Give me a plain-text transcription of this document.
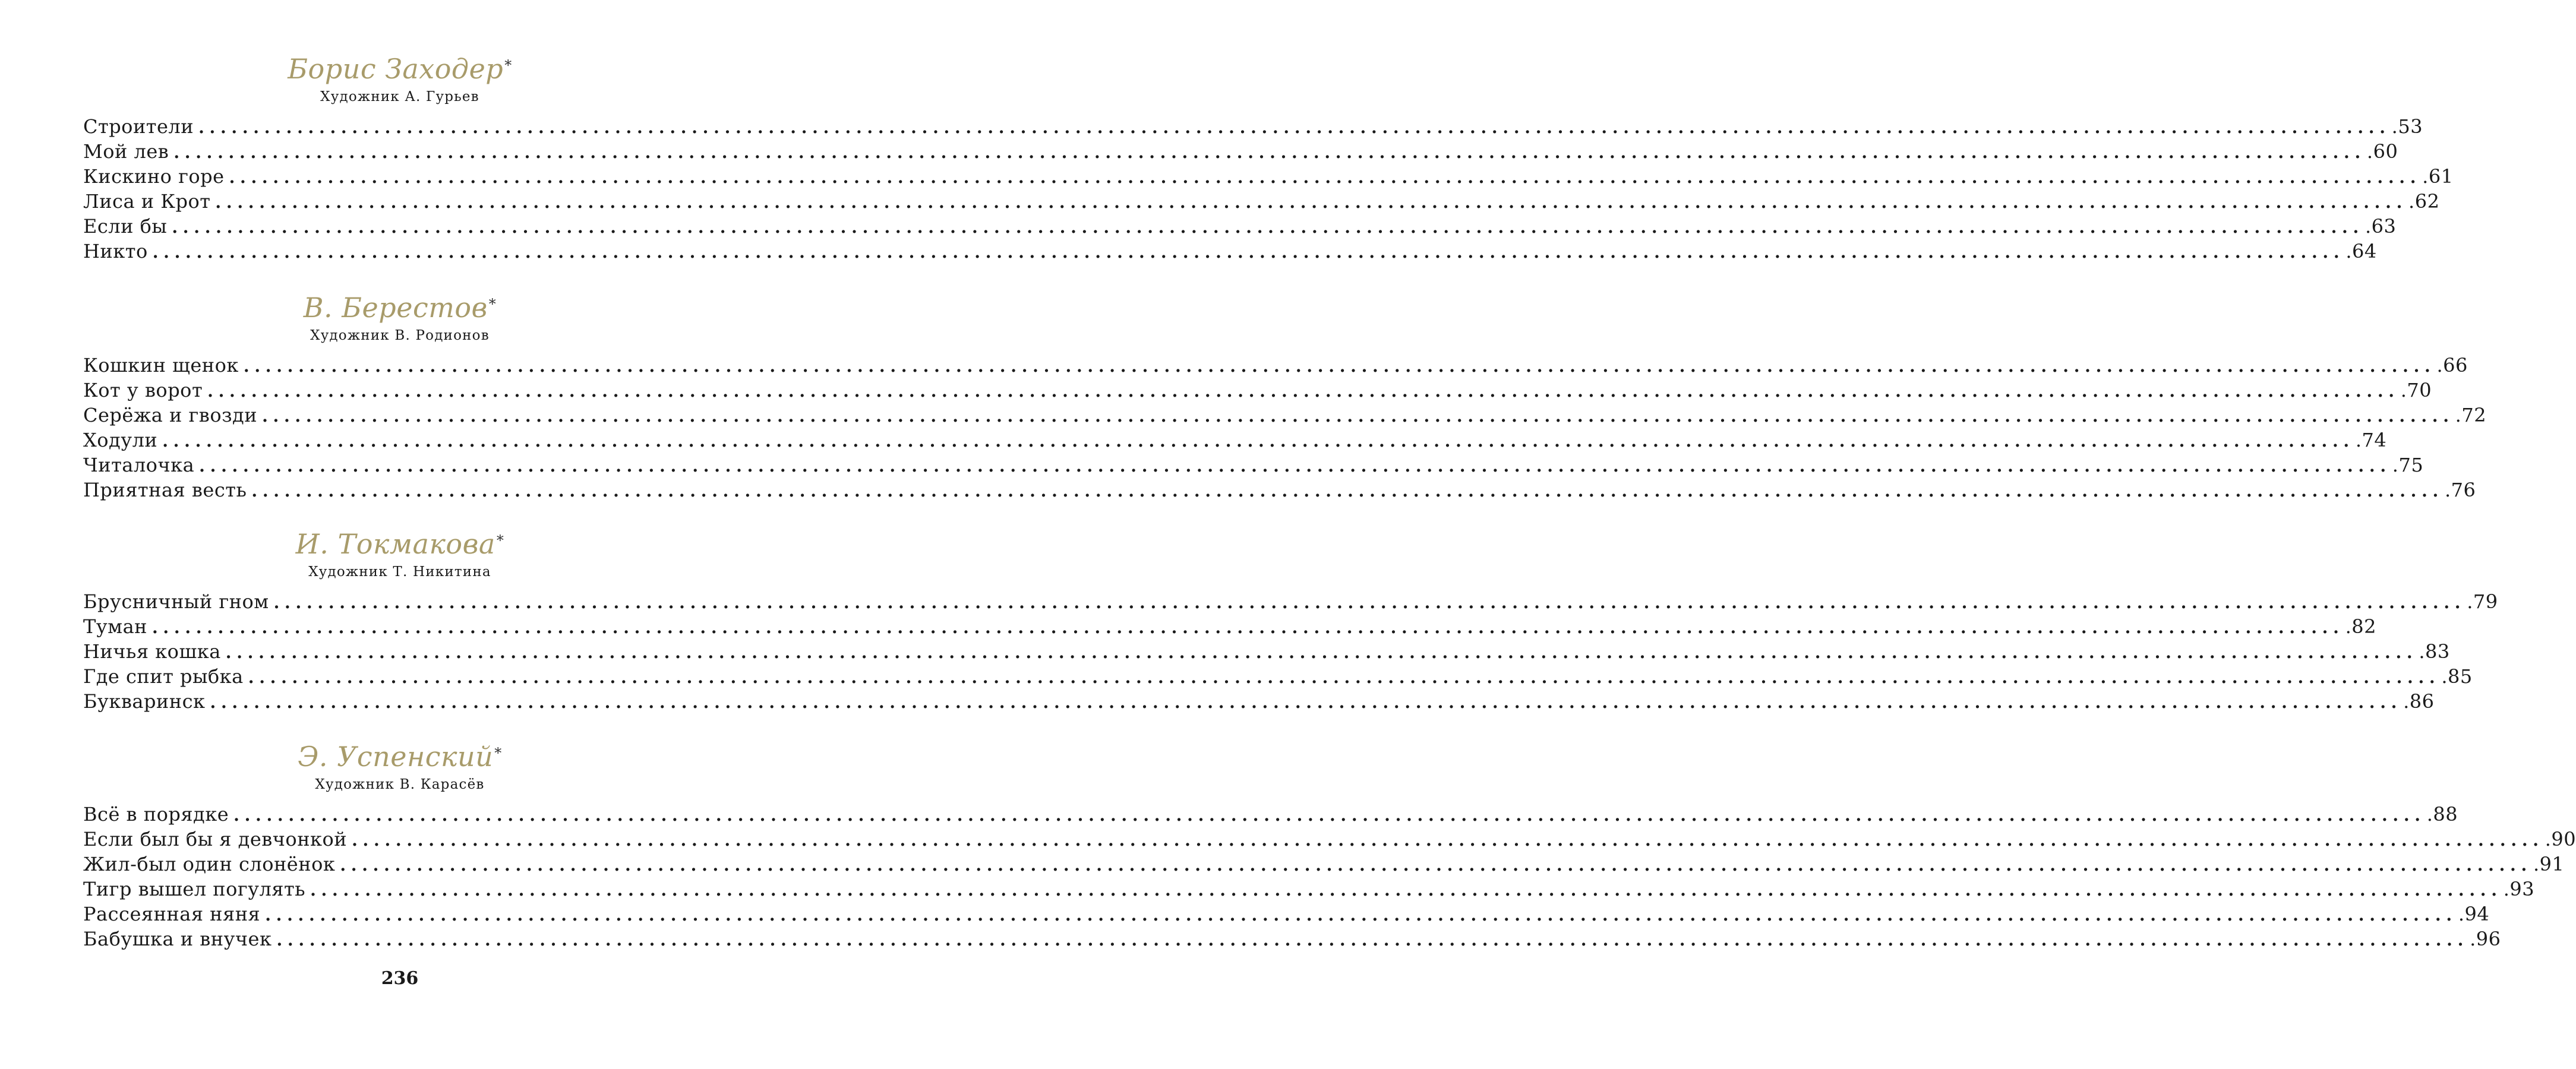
Борис Заходер*
Художник А. Гурьев
Строители ........................................................................................................................................................................................................ .53
Мой лев ........................................................................................................................................................................................................ .60
Кискино горе ........................................................................................................................................................................................................ .61
Лиса и Крот ........................................................................................................................................................................................................ .62
Если бы ........................................................................................................................................................................................................ .63
Никто ........................................................................................................................................................................................................ .64
В. Берестов*
Художник В. Родионов
Кошкин щенок ........................................................................................................................................................................................................ .66
Кот у ворот ........................................................................................................................................................................................................ .70
Серёжа и гвозди ........................................................................................................................................................................................................ .72
Ходули ........................................................................................................................................................................................................ .74
Читалочка ........................................................................................................................................................................................................ .75
Приятная весть ........................................................................................................................................................................................................ .76
И. Токмакова*
Художник Т. Никитина
Брусничный гном ........................................................................................................................................................................................................ .79
Туман ........................................................................................................................................................................................................ .82
Ничья кошка ........................................................................................................................................................................................................ .83
Где спит рыбка ........................................................................................................................................................................................................ .85
Букваринск ........................................................................................................................................................................................................ .86
Э. Успенский*
Художник В. Карасёв
Всё в порядке ........................................................................................................................................................................................................ .88
Если был бы я девчонкой ........................................................................................................................................................................................................ .90
Жил-был один слонёнок ........................................................................................................................................................................................................ .91
Тигр вышел погулять ........................................................................................................................................................................................................ .93
Рассеянная няня ........................................................................................................................................................................................................ .94
Бабушка и внучек ........................................................................................................................................................................................................ .96
236
